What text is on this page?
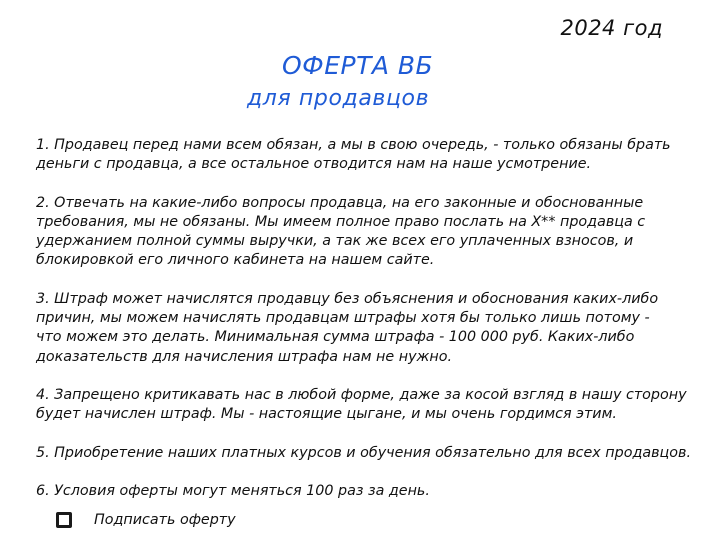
2024 год
ОФЕРТА ВБ
для продавцов

1. Продавец перед нами всем обязан, а мы в свою очередь, - только обязаны брать
деньги с продавца, а все остальное отводится нам на наше усмотрение.

2. Отвечать на какие-либо вопросы продавца, на его законные и обоснованные
требования, мы не обязаны. Мы имеем полное право послать на Х** продавца с
удержанием полной суммы выручки, а так же всех его уплаченных взносов, и
блокировкой его личного кабинета на нашем сайте.

3. Штраф может начислятся продавцу без объяснения и обоснования каких-либо
причин, мы можем начислять продавцам штрафы хотя бы только лишь потому -
что можем это делать. Минимальная сумма штрафа - 100 000 руб. Каких-либо
доказательств для начисления штрафа нам не нужно.

4. Запрещено критикавать нас в любой форме, даже за косой взгляд в нашу сторону
будет начислен штраф. Мы - настоящие цыгане, и мы очень гордимся этим.

5. Приобретение наших платных курсов и обучения обязательно для всех продавцов.

6. Условия оферты могут меняться 100 раз за день.

Подписать оферту
